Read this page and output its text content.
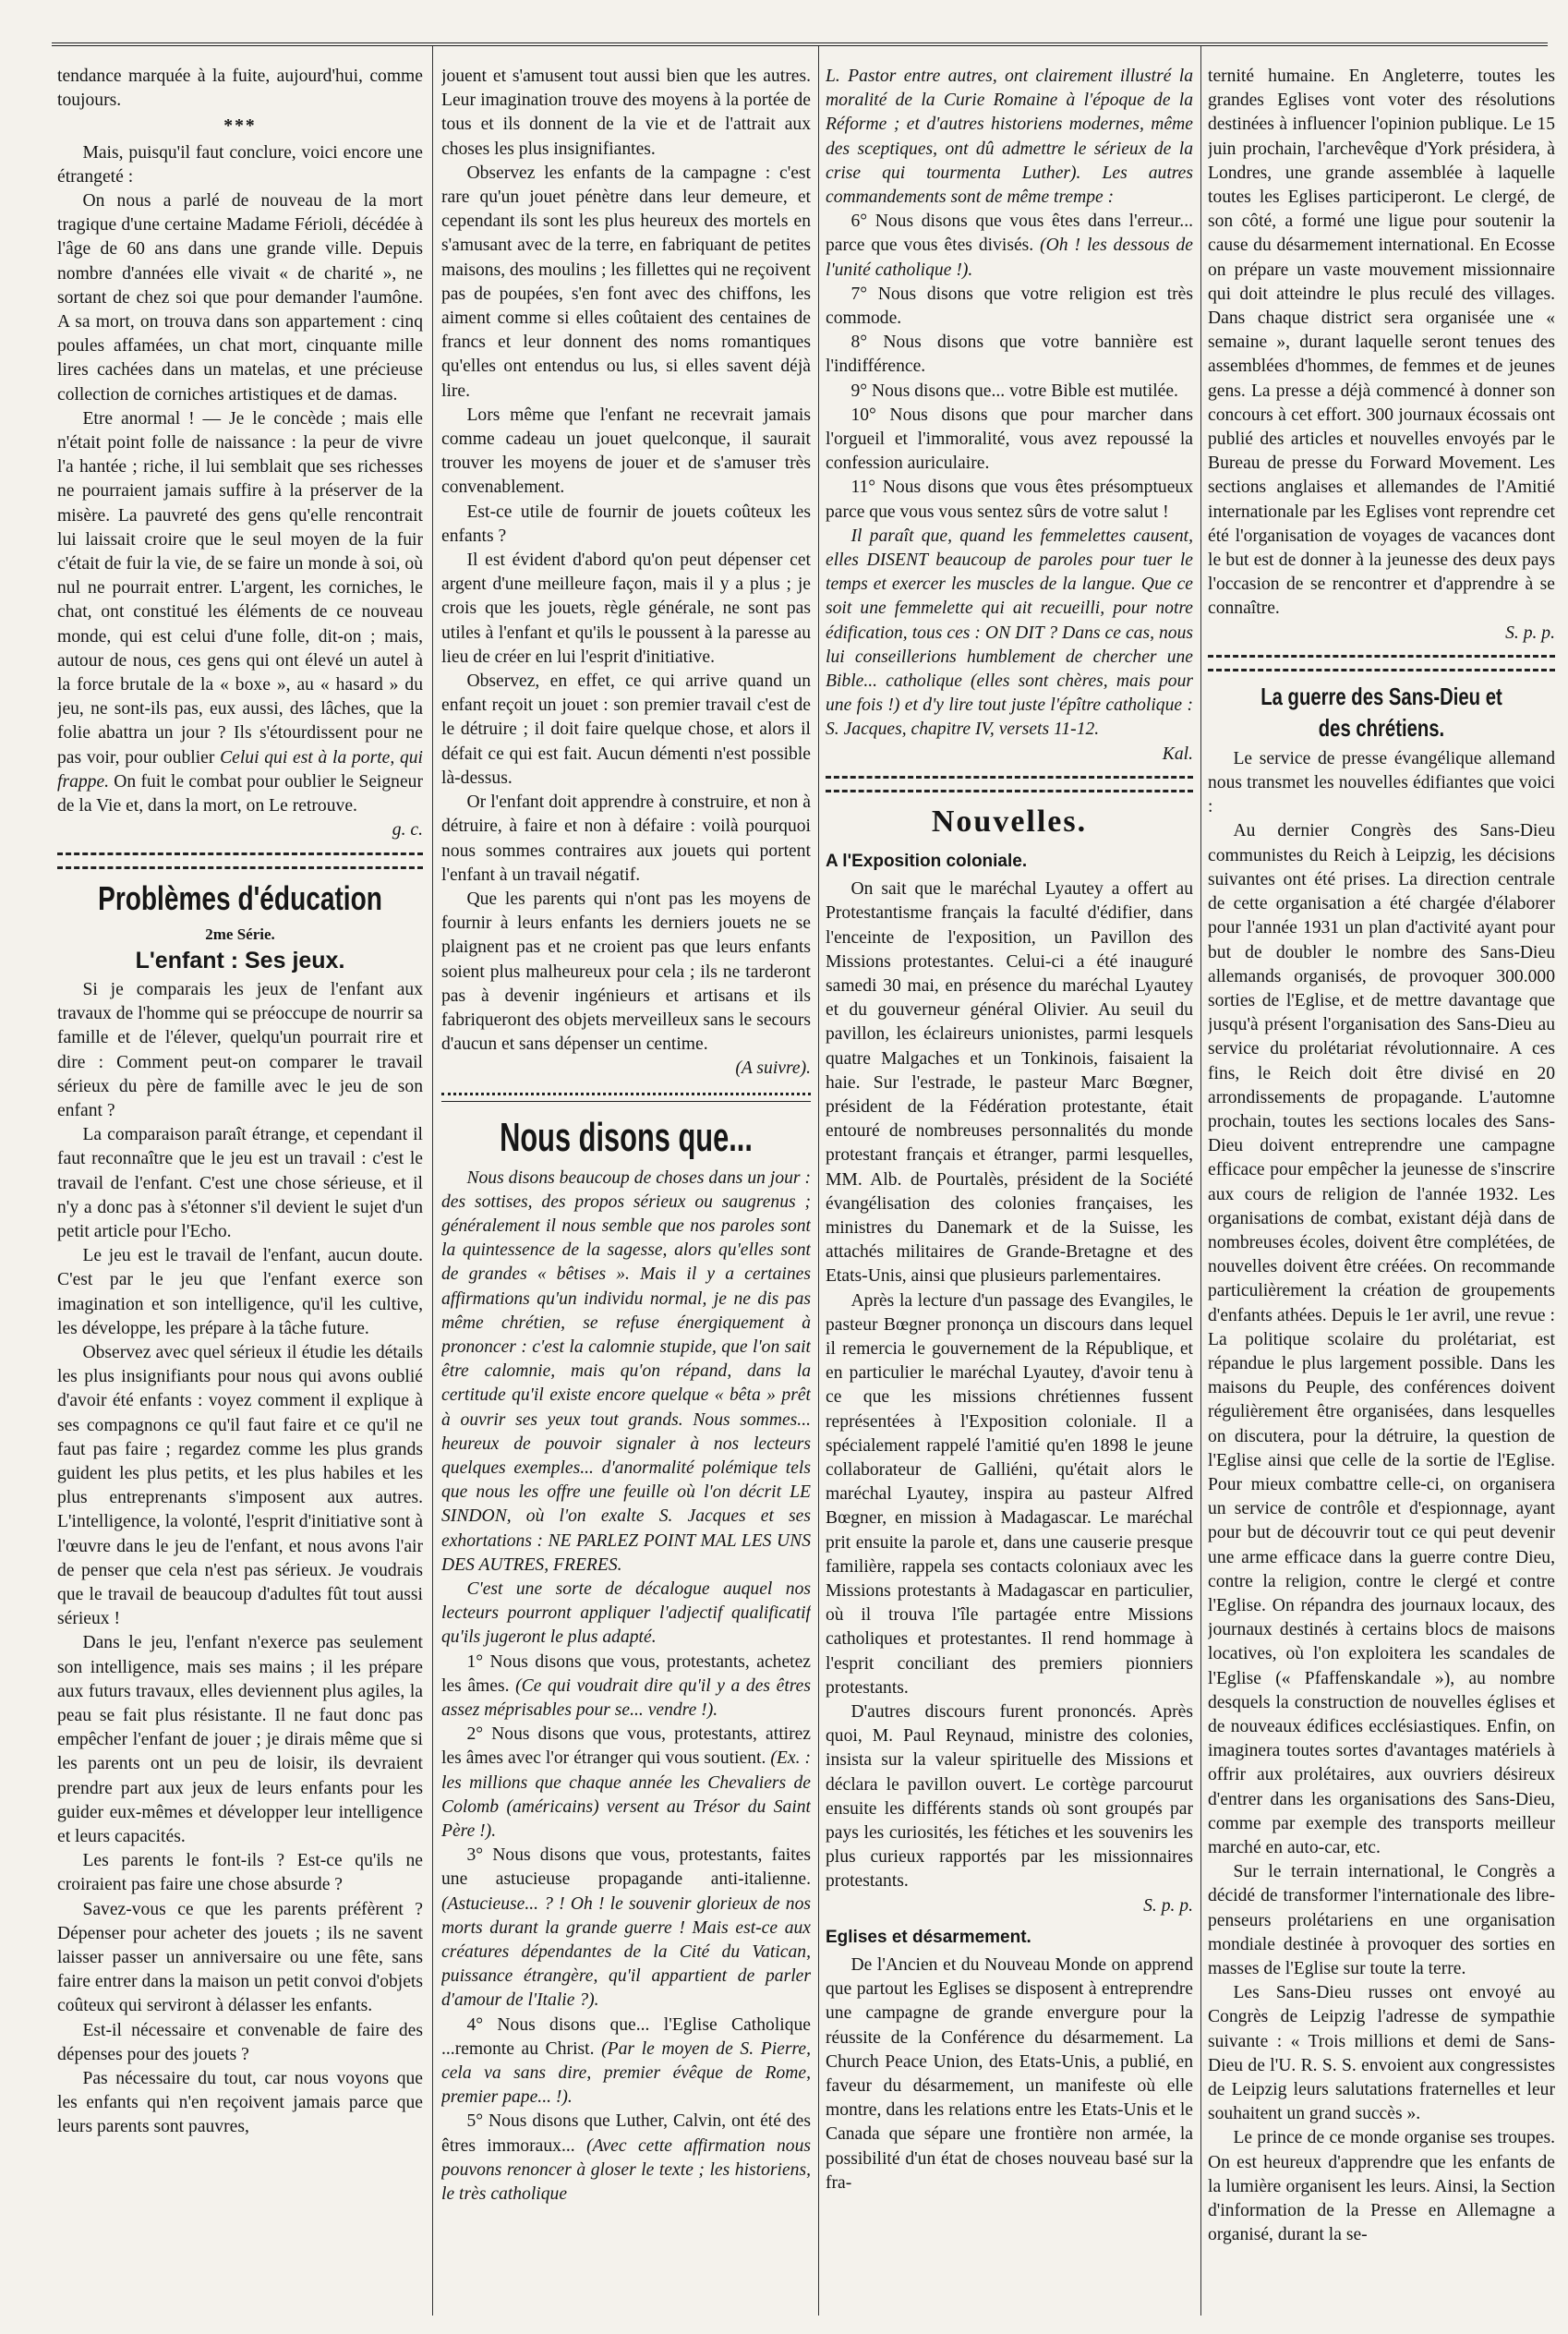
tendance marquée à la fuite, aujourd'hui, comme toujours.

***

Mais, puisqu'il faut conclure, voici encore une étrangeté :

On nous a parlé de nouveau de la mort tragique d'une certaine Madame Férioli, décédée à l'âge de 60 ans dans une grande ville. Depuis nombre d'années elle vivait « de charité », ne sortant de chez soi que pour demander l'aumône. A sa mort, on trouva dans son appartement : cinq poules affamées, un chat mort, cinquante mille lires cachées dans un matelas, et une précieuse collection de corniches artistiques et de damas.

Etre anormal ! — Je le concède ; mais elle n'était point folle de naissance : la peur de vivre l'a hantée ; riche, il lui semblait que ses richesses ne pourraient jamais suffire à la préserver de la misère. La pauvreté des gens qu'elle rencontrait lui laissait croire que le seul moyen de la fuir c'était de fuir la vie, de se faire un monde à soi, où nul ne pourrait entrer. L'argent, les corniches, le chat, ont constitué les éléments de ce nouveau monde, qui est celui d'une folle, dit-on ; mais, autour de nous, ces gens qui ont élevé un autel à la force brutale de la « boxe », au « hasard » du jeu, ne sont-ils pas, eux aussi, des lâches, que la folie abattra un jour ? Ils s'étourdissent pour ne pas voir, pour oublier Celui qui est à la porte, qui frappe. On fuit le combat pour oublier le Seigneur de la Vie et, dans la mort, on Le retrouve.

g. c.
Problèmes d'éducation
2me Série.
L'enfant : Ses jeux.

Si je comparais les jeux de l'enfant aux travaux de l'homme qui se préoccupe de nourrir sa famille et de l'élever, quelqu'un pourrait rire et dire : Comment peut-on comparer le travail sérieux du père de famille avec le jeu de son enfant ?

La comparaison paraît étrange, et cependant il faut reconnaître que le jeu est un travail : c'est le travail de l'enfant. C'est une chose sérieuse, et il n'y a donc pas à s'étonner s'il devient le sujet d'un petit article pour l'Echo.

Le jeu est le travail de l'enfant, aucun doute. C'est par le jeu que l'enfant exerce son imagination et son intelligence, qu'il les cultive, les développe, les prépare à la tâche future.

Observez avec quel sérieux il étudie les détails les plus insignifiants pour nous qui avons oublié d'avoir été enfants : voyez comment il explique à ses compagnons ce qu'il faut faire et ce qu'il ne faut pas faire ; regardez comme les plus grands guident les plus petits, et les plus habiles et les plus entreprenants s'imposent aux autres. L'intelligence, la volonté, l'esprit d'initiative sont à l'œuvre dans le jeu de l'enfant, et nous avons l'air de penser que cela n'est pas sérieux. Je voudrais que le travail de beaucoup d'adultes fût tout aussi sérieux !

Dans le jeu, l'enfant n'exerce pas seulement son intelligence, mais ses mains ; il les prépare aux futurs travaux, elles deviennent plus agiles, la peau se fait plus résistante. Il ne faut donc pas empêcher l'enfant de jouer ; je dirais même que si les parents ont un peu de loisir, ils devraient prendre part aux jeux de leurs enfants pour les guider eux-mêmes et développer leur intelligence et leurs capacités.

Les parents le font-ils ? Est-ce qu'ils ne croiraient pas faire une chose absurde ?

Savez-vous ce que les parents préfèrent ? Dépenser pour acheter des jouets ; ils ne savent laisser passer un anniversaire ou une fête, sans faire entrer dans la maison un petit convoi d'objets coûteux qui serviront à délasser les enfants.

Est-il nécessaire et convenable de faire des dépenses pour des jouets ?

Pas nécessaire du tout, car nous voyons que les enfants qui n'en reçoivent jamais parce que leurs parents sont pauvres,

jouent et s'amusent tout aussi bien que les autres. Leur imagination trouve des moyens à la portée de tous et ils donnent de la vie et de l'attrait aux choses les plus insignifiantes.

Observez les enfants de la campagne : c'est rare qu'un jouet pénètre dans leur demeure, et cependant ils sont les plus heureux des mortels en s'amusant avec de la terre, en fabriquant de petites maisons, des moulins ; les fillettes qui ne reçoivent pas de poupées, s'en font avec des chiffons, les aiment comme si elles coûtaient des centaines de francs et leur donnent des noms romantiques qu'elles ont entendus ou lus, si elles savent déjà lire.

Lors même que l'enfant ne recevrait jamais comme cadeau un jouet quelconque, il saurait trouver les moyens de jouer et de s'amuser très convenablement.

Est-ce utile de fournir de jouets coûteux les enfants ?

Il est évident d'abord qu'on peut dépenser cet argent d'une meilleure façon, mais il y a plus ; je crois que les jouets, règle générale, ne sont pas utiles à l'enfant et qu'ils le poussent à la paresse au lieu de créer en lui l'esprit d'initiative.

Observez, en effet, ce qui arrive quand un enfant reçoit un jouet : son premier travail c'est de le détruire ; il doit faire quelque chose, et alors il défait ce qui est fait. Aucun démenti n'est possible là-dessus.

Or l'enfant doit apprendre à construire, et non à détruire, à faire et non à défaire : voilà pourquoi nous sommes contraires aux jouets qui portent l'enfant à un travail négatif.

Que les parents qui n'ont pas les moyens de fournir à leurs enfants les derniers jouets ne se plaignent pas et ne croient pas que leurs enfants soient plus malheureux pour cela ; ils ne tarderont pas à devenir ingénieurs et artisans et ils fabriqueront des objets merveilleux sans le secours d'aucun et sans dépenser un centime.

(A suivre).
Nous disons que...

Nous disons beaucoup de choses dans un jour : des sottises, des propos sérieux ou saugrenus ; généralement il nous semble que nos paroles sont la quintessence de la sagesse, alors qu'elles sont de grandes « bêtises ». Mais il y a certaines affirmations qu'un individu normal, je ne dis pas même chrétien, se refuse énergiquement à prononcer : c'est la calomnie stupide, que l'on sait être calomnie, mais qu'on répand, dans la certitude qu'il existe encore quelque « bêta » prêt à ouvrir ses yeux tout grands. Nous sommes... heureux de pouvoir signaler à nos lecteurs quelques exemples... d'anormalité polémique tels que nous les offre une feuille où l'on décrit LE SINDON, où l'on exalte S. Jacques et ses exhortations : NE PARLEZ POINT MAL LES UNS DES AUTRES, FRERES.

C'est une sorte de décalogue auquel nos lecteurs pourront appliquer l'adjectif qualificatif qu'ils jugeront le plus adapté.

1° Nous disons que vous, protestants, achetez les âmes. (Ce qui voudrait dire qu'il y a des êtres assez méprisables pour se... vendre !).

2° Nous disons que vous, protestants, attirez les âmes avec l'or étranger qui vous soutient. (Ex. : les millions que chaque année les Chevaliers de Colomb (américains) versent au Trésor du Saint Père !).

3° Nous disons que vous, protestants, faites une astucieuse propagande anti-italienne. (Astucieuse... ? ! Oh ! le souvenir glorieux de nos morts durant la grande guerre ! Mais est-ce aux créatures dépendantes de la Cité du Vatican, puissance étrangère, qu'il appartient de parler d'amour de l'Italie ?).

4° Nous disons que... l'Eglise Catholique ...remonte au Christ. (Par le moyen de S. Pierre, cela va sans dire, premier évêque de Rome, premier pape... !).

5° Nous disons que Luther, Calvin, ont été des êtres immoraux... (Avec cette affirmation nous pouvons renoncer à gloser le texte ; les historiens, le très catholique

L. Pastor entre autres, ont clairement illustré la moralité de la Curie Romaine à l'époque de la Réforme ; et d'autres historiens modernes, même des sceptiques, ont dû admettre le sérieux de la crise qui tourmenta Luther). Les autres commandements sont de même trempe :

6° Nous disons que vous êtes dans l'erreur... parce que vous êtes divisés. (Oh ! les dessous de l'unité catholique !).

7° Nous disons que votre religion est très commode.

8° Nous disons que votre bannière est l'indifférence.

9° Nous disons que... votre Bible est mutilée.

10° Nous disons que pour marcher dans l'orgueil et l'immoralité, vous avez repoussé la confession auriculaire.

11° Nous disons que vous êtes présomptueux parce que vous vous sentez sûrs de votre salut !

Il paraît que, quand les femmelettes causent, elles DISENT beaucoup de paroles pour tuer le temps et exercer les muscles de la langue. Que ce soit une femmelette qui ait recueilli, pour notre édification, tous ces : ON DIT ? Dans ce cas, nous lui conseillerions humblement de chercher une Bible... catholique (elles sont chères, mais pour une fois !) et d'y lire tout juste l'épître catholique : S. Jacques, chapitre IV, versets 11-12.

Kal.
Nouvelles.
A l'Exposition coloniale.

On sait que le maréchal Lyautey a offert au Protestantisme français la faculté d'édifier, dans l'enceinte de l'exposition, un Pavillon des Missions protestantes. Celui-ci a été inauguré samedi 30 mai, en présence du maréchal Lyautey et du gouverneur général Olivier. Au seuil du pavillon, les éclaireurs unionistes, parmi lesquels quatre Malgaches et un Tonkinois, faisaient la haie. Sur l'estrade, le pasteur Marc Bœgner, président de la Fédération protestante, était entouré de nombreuses personnalités du monde protestant français et étranger, parmi lesquelles, MM. Alb. de Pourtalès, président de la Société évangélisation des colonies françaises, les ministres du Danemark et de la Suisse, les attachés militaires de Grande-Bretagne et des Etats-Unis, ainsi que plusieurs parlementaires.

Après la lecture d'un passage des Evangiles, le pasteur Bœgner prononça un discours dans lequel il remercia le gouvernement de la République, et en particulier le maréchal Lyautey, d'avoir tenu à ce que les missions chrétiennes fussent représentées à l'Exposition coloniale. Il a spécialement rappelé l'amitié qu'en 1898 le jeune collaborateur de Galliéni, qu'était alors le maréchal Lyautey, inspira au pasteur Alfred Bœgner, en mission à Madagascar. Le maréchal prit ensuite la parole et, dans une causerie presque familière, rappela ses contacts coloniaux avec les Missions protestants à Madagascar en particulier, où il trouva l'île partagée entre Missions catholiques et protestantes. Il rend hommage à l'esprit conciliant des premiers pionniers protestants.

D'autres discours furent prononcés. Après quoi, M. Paul Reynaud, ministre des colonies, insista sur la valeur spirituelle des Missions et déclara le pavillon ouvert. Le cortège parcourut ensuite les différents stands où sont groupés par pays les curiosités, les fétiches et les souvenirs les plus curieux rapportés par les missionnaires protestants.

S. p. p.
Eglises et désarmement.

De l'Ancien et du Nouveau Monde on apprend que partout les Eglises se disposent à entreprendre une campagne de grande envergure pour la réussite de la Conférence du désarmement. La Church Peace Union, des Etats-Unis, a publié, en faveur du désarmement, un manifeste où elle montre, dans les relations entre les Etats-Unis et le Canada que sépare une frontière non armée, la possibilité d'un état de choses nouveau basé sur la fra-

ternité humaine. En Angleterre, toutes les grandes Eglises vont voter des résolutions destinées à influencer l'opinion publique. Le 15 juin prochain, l'archevêque d'York présidera, à Londres, une grande assemblée à laquelle toutes les Eglises participeront. Le clergé, de son côté, a formé une ligue pour soutenir la cause du désarmement international. En Ecosse on prépare un vaste mouvement missionnaire qui doit atteindre le plus reculé des villages. Dans chaque district sera organisée une « semaine », durant laquelle seront tenues des assemblées d'hommes, de femmes et de jeunes gens. La presse a déjà commencé à donner son concours à cet effort. 300 journaux écossais ont publié des articles et nouvelles envoyés par le Bureau de presse du Forward Movement. Les sections anglaises et allemandes de l'Amitié internationale par les Eglises vont reprendre cet été l'organisation de voyages de vacances dont le but est de donner à la jeunesse des deux pays l'occasion de se rencontrer et d'apprendre à se connaître.

S. p. p.
La guerre des Sans-Dieu et des chrétiens.

Le service de presse évangélique allemand nous transmet les nouvelles édifiantes que voici :

Au dernier Congrès des Sans-Dieu communistes du Reich à Leipzig, les décisions suivantes ont été prises. La direction centrale de cette organisation a été chargée d'élaborer pour l'année 1931 un plan d'activité ayant pour but de doubler le nombre des Sans-Dieu allemands organisés, de provoquer 300.000 sorties de l'Eglise, et de mettre davantage que jusqu'à présent l'organisation des Sans-Dieu au service du prolétariat révolutionnaire. A ces fins, le Reich doit être divisé en 20 arrondissements de propagande. L'automne prochain, toutes les sections locales des Sans-Dieu doivent entreprendre une campagne efficace pour empêcher la jeunesse de s'inscrire aux cours de religion de l'année 1932. Les organisations de combat, existant déjà dans de nombreuses écoles, doivent être complétées, de nouvelles doivent être créées. On recommande particulièrement la création de groupements d'enfants athées. Depuis le 1er avril, une revue : La politique scolaire du prolétariat, est répandue le plus largement possible. Dans les maisons du Peuple, des conférences doivent régulièrement être organisées, dans lesquelles on discutera, pour la détruire, la question de l'Eglise ainsi que celle de la sortie de l'Eglise. Pour mieux combattre celle-ci, on organisera un service de contrôle et d'espionnage, ayant pour but de découvrir tout ce qui peut devenir une arme efficace dans la guerre contre Dieu, contre la religion, contre le clergé et contre l'Eglise. On répandra des journaux locaux, des journaux destinés à certains blocs de maisons locatives, où l'on exploitera les scandales de l'Eglise (« Pfaffenskandale »), au nombre desquels la construction de nouvelles églises et de nouveaux édifices ecclésiastiques. Enfin, on imaginera toutes sortes d'avantages matériels à offrir aux prolétaires, aux ouvriers désireux d'entrer dans les organisations des Sans-Dieu, comme par exemple des transports meilleur marché en auto-car, etc.

Sur le terrain international, le Congrès a décidé de transformer l'internationale des libre-penseurs prolétariens en une organisation mondiale destinée à provoquer des sorties en masses de l'Eglise sur toute la terre.

Les Sans-Dieu russes ont envoyé au Congrès de Leipzig l'adresse de sympathie suivante : « Trois millions et demi de Sans-Dieu de l'U. R. S. S. envoient aux congressistes de Leipzig leurs salutations fraternelles et leur souhaitent un grand succès ».

Le prince de ce monde organise ses troupes. On est heureux d'apprendre que les enfants de la lumière organisent les leurs. Ainsi, la Section d'information de la Presse en Allemagne a organisé, durant la se-
